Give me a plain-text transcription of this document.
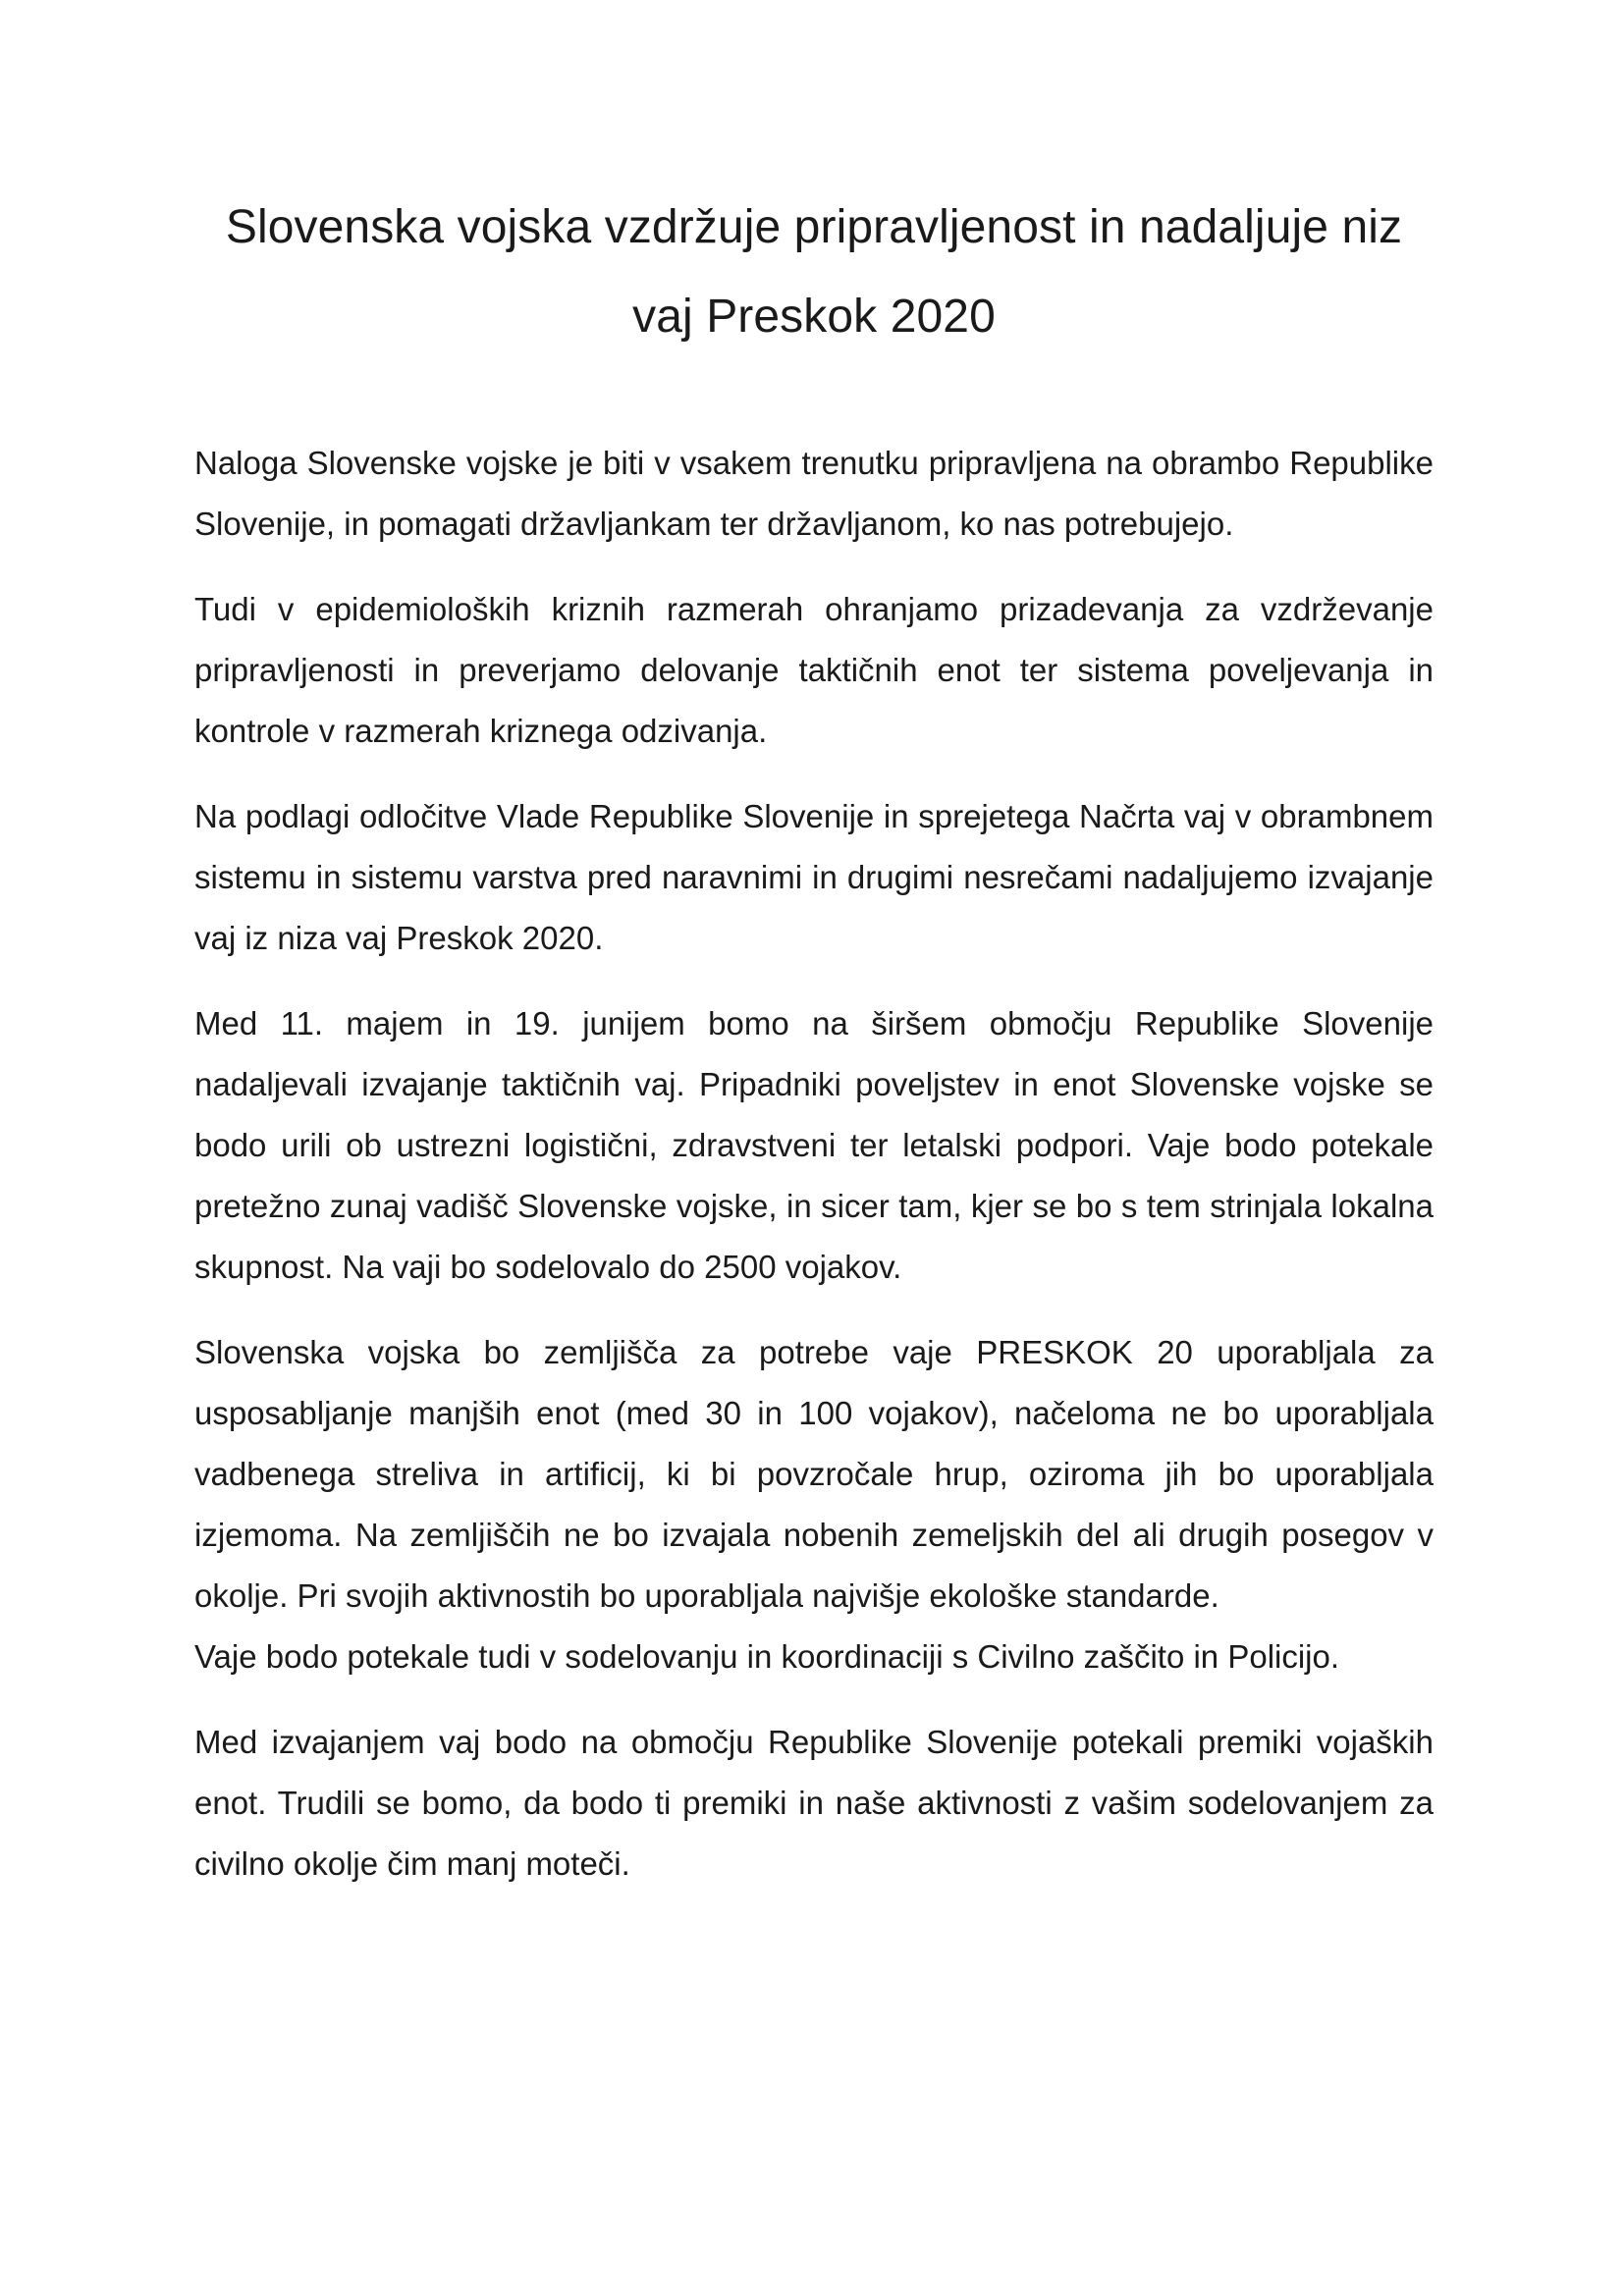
Slovenska vojska vzdržuje pripravljenost in nadaljuje niz vaj Preskok 2020

Naloga Slovenske vojske je biti v vsakem trenutku pripravljena na obrambo Republike Slovenije, in pomagati državljankam ter državljanom, ko nas potrebujejo.

Tudi v epidemioloških kriznih razmerah ohranjamo prizadevanja za vzdrževanje pripravljenosti in preverjamo delovanje taktičnih enot ter sistema poveljevanja in kontrole v razmerah kriznega odzivanja.

Na podlagi odločitve Vlade Republike Slovenije in sprejetega Načrta vaj v obrambnem sistemu in sistemu varstva pred naravnimi in drugimi nesrečami nadaljujemo izvajanje vaj iz niza vaj Preskok 2020.

Med 11. majem in 19. junijem bomo na širšem območju Republike Slovenije nadaljevali izvajanje taktičnih vaj. Pripadniki poveljstev in enot Slovenske vojske se bodo urili ob ustrezni logistični, zdravstveni ter letalski podpori. Vaje bodo potekale pretežno zunaj vadišč Slovenske vojske, in sicer tam, kjer se bo s tem strinjala lokalna skupnost. Na vaji bo sodelovalo do 2500 vojakov.

Slovenska vojska bo zemljišča za potrebe vaje PRESKOK 20 uporabljala za usposabljanje manjših enot (med 30 in 100 vojakov), načeloma ne bo uporabljala vadbenega streliva in artificij, ki bi povzročale hrup, oziroma jih bo uporabljala izjemoma. Na zemljiščih ne bo izvajala nobenih zemeljskih del ali drugih posegov v okolje. Pri svojih aktivnostih bo uporabljala najvišje ekološke standarde.

Vaje bodo potekale tudi v sodelovanju in koordinaciji s Civilno zaščito in Policijo.

Med izvajanjem vaj bodo na območju Republike Slovenije potekali premiki vojaških enot. Trudili se bomo, da bodo ti premiki in naše aktivnosti z vašim sodelovanjem za civilno okolje čim manj moteči.
